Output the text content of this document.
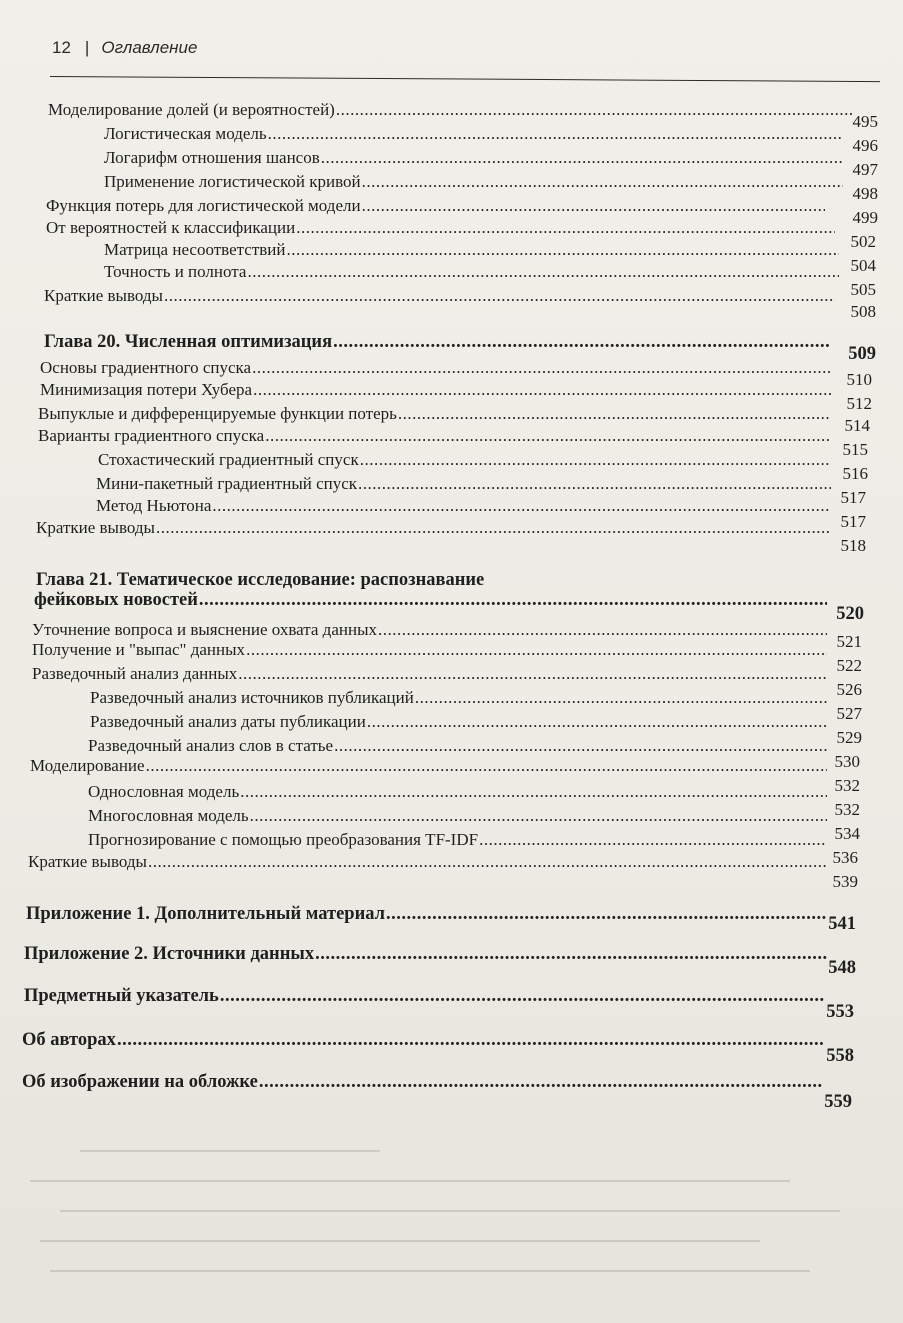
12 | Оглавление
Моделирование долей (и вероятностей)
.....
495
Логистическая модель
.....
496
Логарифм отношения шансов
.....
497
Применение логистической кривой
.....
498
Функция потерь для логистической модели
.....
499
От вероятностей к классификации
.....
502
Матрица несоответствий
.....
504
Точность и полнота
.....
505
Краткие выводы
.....
508
Глава 20. Численная оптимизация
.....
509
Основы градиентного спуска
.....
510
Минимизация потери Хубера
.....
512
Выпуклые и дифференцируемые функции потерь
.....
514
Варианты градиентного спуска
.....
515
Стохастический градиентный спуск
.....
516
Мини-пакетный градиентный спуск
.....
517
Метод Ньютона
.....
517
Краткие выводы
.....
518
Глава 21. Тематическое исследование: распознавание
фейковых новостей
.....
520
Уточнение вопроса и выяснение охвата данных
.....
521
Получение и "выпас" данных
.....
522
Разведочный анализ данных
.....
526
Разведочный анализ источников публикаций
.....
527
Разведочный анализ даты публикации
.....
529
Разведочный анализ слов в статье
.....
530
Моделирование
.....
532
Однословная модель
.....
532
Многословная модель
.....
534
Прогнозирование с помощью преобразования TF-IDF
.....
536
Краткие выводы
.....
539
Приложение 1. Дополнительный материал
.....	541
Приложение 2. Источники данных
.....
548
Предметный указатель
.....
553
Об авторах
.....
558
Об изображении на обложке
.....
559
